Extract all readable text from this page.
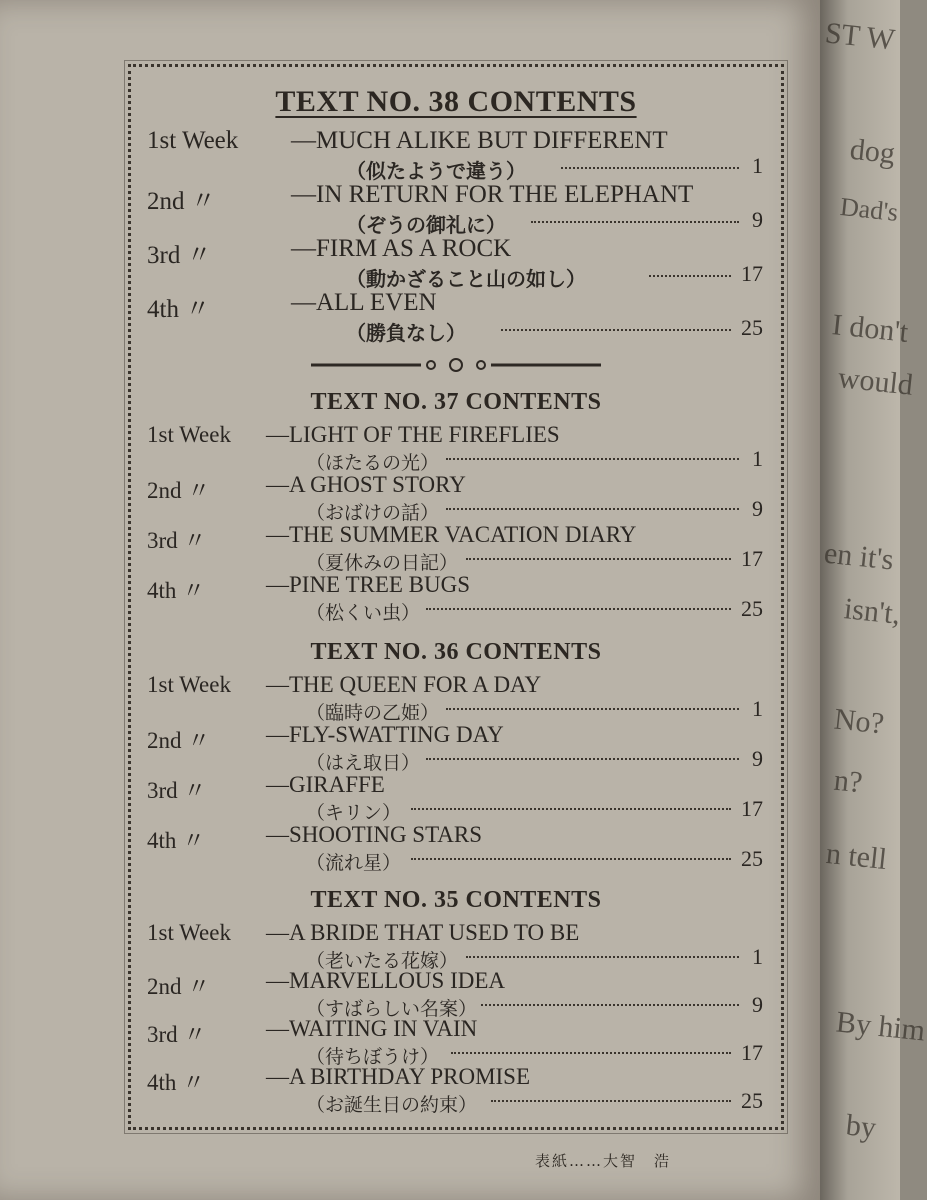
TEXT NO. 38 CONTENTS
1st Week —MUCH ALIKE BUT DIFFERENT
（似たようで違う）	1
2nd 〃	—IN RETURN FOR THE ELEPHANT
（ぞうの御礼に）	9
3rd 〃	—FIRM AS A ROCK
（動かざること山の如し）	17
4th 〃	—ALL EVEN
（勝負なし）	25
TEXT NO. 37 CONTENTS
1st Week —LIGHT OF THE FIREFLIES
（ほたるの光）	1
2nd 〃 —A GHOST STORY
（おばけの話）	9
3rd 〃	—THE SUMMER VACATION DIARY
（夏休みの日記）	17
4th 〃	—PINE TREE BUGS
（松くい虫）	25
TEXT NO. 36 CONTENTS
1st Week —THE QUEEN FOR A DAY
（臨時の乙姫）	1
2nd 〃 —FLY-SWATTING DAY
（はえ取日）	9
3rd 〃	—GIRAFFE
（キリン）	17
4th 〃	—SHOOTING STARS
（流れ星）	25
TEXT NO. 35 CONTENTS
1st Week —A BRIDE THAT USED TO BE
（老いたる花嫁）	1
2nd 〃 —MARVELLOUS IDEA
（すばらしい名案）	9
3rd 〃	—WAITING IN VAIN
（待ちぼうけ）	17
4th 〃	—A BIRTHDAY PROMISE
（お誕生日の約束）	25
表紙……大智　浩
ST W
dog
Dad's
I don't
would
en it's
isn't,
No?
n?
n tell
By him
by
